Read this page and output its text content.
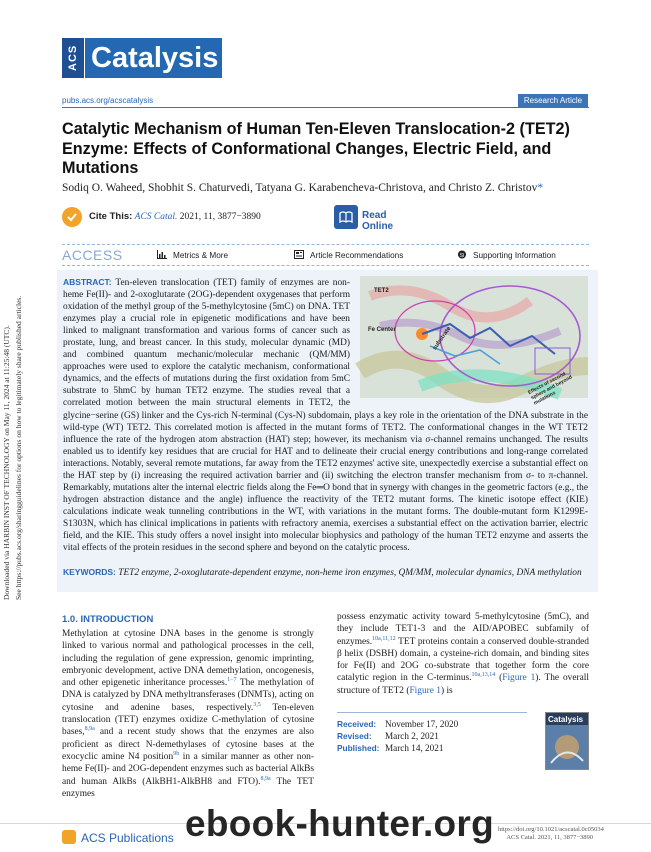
Downloaded via HARBIN INST OF TECHNOLOGY on May 11, 2024 at 11:25:48 (UTC). See https://pubs.acs.org/sharingguidelines for options on how to legitimately share published articles.
ACS Catalysis
pubs.acs.org/acscatalysis	Research Article
Catalytic Mechanism of Human Ten-Eleven Translocation-2 (TET2) Enzyme: Effects of Conformational Changes, Electric Field, and Mutations
Sodiq O. Waheed, Shobhit S. Chaturvedi, Tatyana G. Karabencheva-Christova, and Christo Z. Christov*
Cite This: ACS Catal. 2021, 11, 3877−3890	Read Online
ACCESS	Metrics & More	Article Recommendations	SI Supporting Information
TET2
Fe Center	substrate
Effects of second sphere and beyond mutations
ABSTRACT: Ten-eleven translocation (TET) family of enzymes are non-heme Fe(II)- and 2-oxoglutarate (2OG)-dependent oxygenases that perform oxidation of the methyl group of the 5-methylcytosine (5mC) on DNA. TET enzymes play a crucial role in epigenetic modifications and have been linked to malignant transformation and various forms of cancer such as prostate, lung, and breast cancer. In this study, molecular dynamic (MD) and combined quantum mechanic/molecular mechanic (QM/MM) approaches were used to explore the catalytic mechanism, conformational dynamics, and the effects of mutations during the first oxidation from 5mC substrate to 5hmC by human TET2 enzyme. The studies reveal that a correlated motion between the main structural elements in TET2, the glycine−serine (GS) linker and the Cys-rich N-terminal (Cys-N) subdomain, plays a key role in the orientation of the DNA substrate in the wild-type (WT) TET2. This correlated motion is affected in the mutant forms of TET2. The conformational changes in the WT TET2 influence the rate of the hydrogen atom abstraction (HAT) step; however, its mechanism via σ-channel remains unchanged. The results enabled us to identify key residues that are crucial for HAT and to delineate their crucial energy contributions and long-range correlated interactions. Notably, several remote mutations, far away from the TET2 enzymes' active site, unexpectedly exercise a substantial effect on the HAT step by (i) increasing the required activation barrier and (ii) switching the electron transfer mechanism from σ- to π-channel. Remarkably, mutations alter the internal electric fields along the Fe═O bond that in synergy with changes in the geometric factors (e.g., the hydrogen abstraction distance and the angle) influence the reactivity of the TET2 mutant forms. The kinetic isotope effect (KIE) calculations indicate weak tunneling contributions in the WT, with variations in the mutant forms. The double-mutant form K1299E-S1303N, which has clinical implications in patients with refractory anemia, exercises a substantial effect on the activation barrier, electric field, and the KIE. This study offers a novel insight into molecular biophysics and pathology of the human TET2 enzyme and asserts the vital effects of the protein residues in the second sphere and beyond on the catalytic process.
KEYWORDS: TET2 enzyme, 2-oxoglutarate-dependent enzyme, non-heme iron enzymes, QM/MM, molecular dynamics, DNA methylation
1.0. INTRODUCTION
Methylation at cytosine DNA bases in the genome is strongly linked to various normal and pathological processes in the cell, including the regulation of gene expression, genomic imprinting, embryonic development, active DNA demethylation, oncogenesis, and other epigenetic inheritance processes.$^{1-7}$ The methylation of DNA is catalyzed by DNA methyltransferases (DNMTs), acting on cytosine and adenine bases, respectively.$^{3,5}$ Ten-eleven translocation (TET) enzymes oxidize C-methylation of cytosine bases,$^{8,9a}$ and a recent study shows that the enzymes are also proficient as direct N-demethylases of cytosine bases at the exocyclic amine N4 position$^{9b}$ in a similar manner as other non-heme Fe(II)- and 2OG-dependent enzymes such as bacterial AlkBs and human AlkBs (AlkBH1-AlkBH8 and FTO).$^{8,9a}$ The TET enzymes
possess enzymatic activity toward 5-methylcytosine (5mC), and they include TET1-3 and the AID/APOBEC subfamily of enzymes.$^{10a,11,12}$ TET proteins contain a conserved double-stranded β helix (DSBH) domain, a cysteine-rich domain, and binding sites for Fe(II) and 2OG co-substrate that together form the core catalytic region in the C-terminus.$^{10a,13,14}$ (Figure 1). The overall structure of TET2 (Figure 1) is
Received: November 17, 2020
Revised: March 2, 2021
Published: March 14, 2021
Catalysis
ACS Publications
https://doi.org/10.1021/acscatal.0c05034
ACS Catal. 2021, 11, 3877−3890
ebook-hunter.org
